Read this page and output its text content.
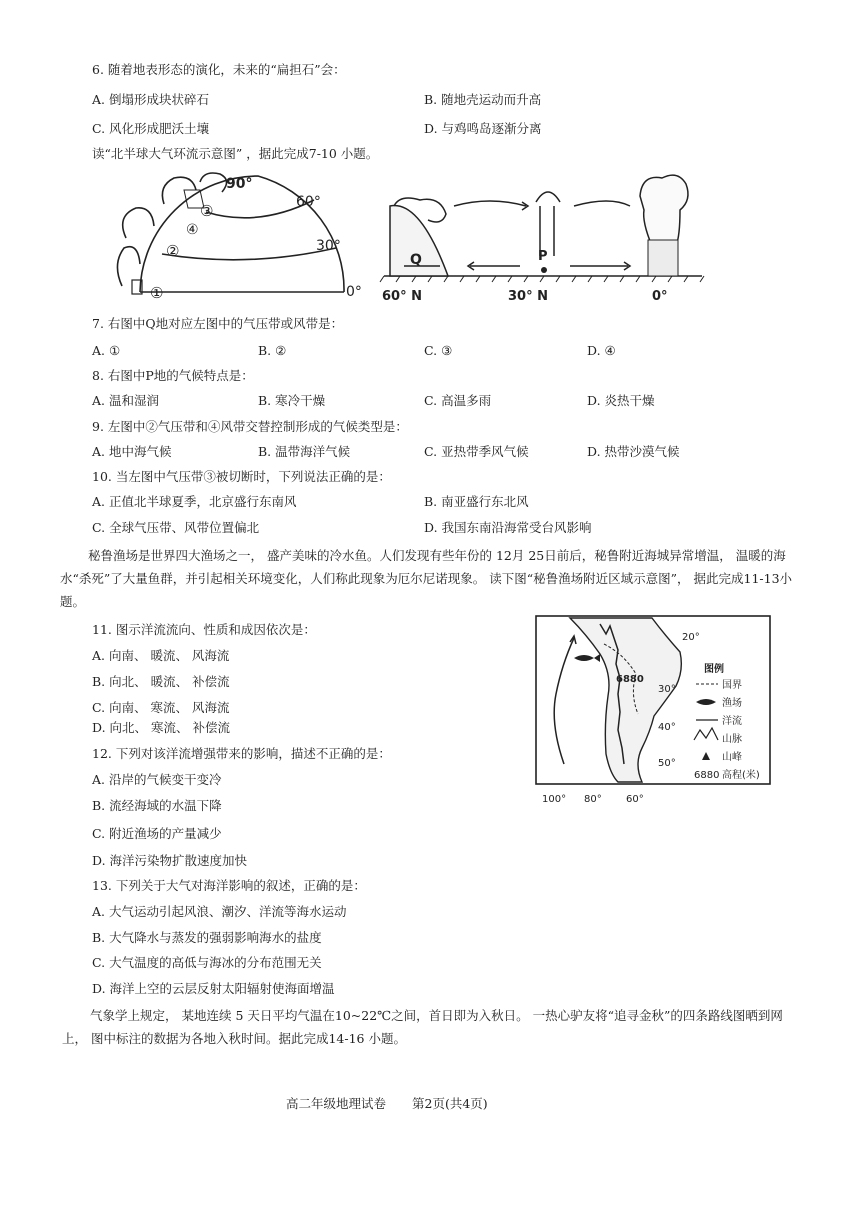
6. 随着地表形态的演化，未来的“扁担石”会：
A. 倒塌形成块状碎石	B. 随地壳运动而升高
C. 风化形成肥沃土壤	D. 与鸡鸣岛逐渐分离
读“北半球大气环流示意图” ，据此完成7-10 小题。
90°
60°
30°
0°
③
④
②
①
Q	P
60° N	30° N	0°
7. 右图中Q地对应左图中的气压带或风带是：
A. ①	B. ②	C. ③	D. ④
8. 右图中P地的气候特点是：
A. 温和湿润	B. 寒冷干燥	C. 高温多雨	D. 炎热干燥
9. 左图中②气压带和④风带交替控制形成的气候类型是：
A. 地中海气候	B. 温带海洋气候	C. 亚热带季风气候	D. 热带沙漠气候
10. 当左图中气压带③被切断时，下列说法正确的是：
A. 正值北半球夏季，北京盛行东南风	B. 南亚盛行东北风
C. 全球气压带、风带位置偏北	D. 我国东南沿海常受台风影响
秘鲁渔场是世界四大渔场之一， 盛产美味的冷水鱼。人们发现有些年份的 12月 25日前后，秘鲁附近海城异常增温， 温暖的海水“杀死”了大量鱼群，并引起相关环境变化，人们称此现象为厄尔尼诺现象。 读下图“秘鲁渔场附近区域示意图”， 据此完成11-13小题。
6880
20°
30°
40°
50°
100° 80° 60°
图例
国界
渔场
洋流
山脉
山峰
6880 高程(米)
11. 图示洋流流向、性质和成因依次是：
A. 向南、 暖流、 风海流
B. 向北、 暖流、 补偿流
C. 向南、 寒流、 风海流
D. 向北、 寒流、 补偿流
12. 下列对该洋流增强带来的影响，描述不正确的是：
A. 沿岸的气候变干变冷
B. 流经海域的水温下降
C. 附近渔场的产量减少
D. 海洋污染物扩散速度加快
13. 下列关于大气对海洋影响的叙述，正确的是：
A. 大气运动引起风浪、潮汐、洋流等海水运动
B. 大气降水与蒸发的强弱影响海水的盐度
C. 大气温度的高低与海冰的分布范围无关
D. 海洋上空的云层反射太阳辐射使海面增温
气象学上规定， 某地连续 5 天日平均气温在10~22℃之间，首日即为入秋日。 一热心驴友将“追寻金秋”的四条路线图晒到网上， 图中标注的数据为各地入秋时间。据此完成14-16 小题。
高二年级地理试卷 第2页(共4页)
